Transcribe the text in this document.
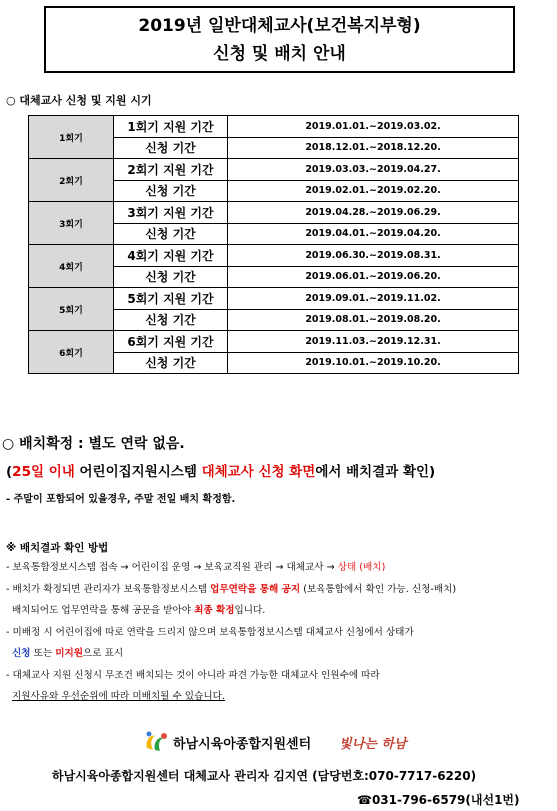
2019년 일반대체교사(보건복지부형)
신청 및 배치 안내
○ 대체교사 신청 및 지원 시기
1회기	1회기 지원 기간	2019.01.01.~2019.03.02.
	신청 기간	2018.12.01.~2018.12.20.
2회기	2회기 지원 기간	2019.03.03.~2019.04.27.
	신청 기간	2019.02.01.~2019.02.20.
3회기	3회기 지원 기간	2019.04.28.~2019.06.29.
	신청 기간	2019.04.01.~2019.04.20.
4회기	4회기 지원 기간	2019.06.30.~2019.08.31.
	신청 기간	2019.06.01.~2019.06.20.
5회기	5회기 지원 기간	2019.09.01.~2019.11.02.
	신청 기간	2019.08.01.~2019.08.20.
6회기	6회기 지원 기간	2019.11.03.~2019.12.31.
	신청 기간	2019.10.01.~2019.10.20.
○ 배치확정 : 별도 연락 없음.
(25일 이내 어린이집지원시스템 대체교사 신청 화면에서 배치결과 확인)
- 주말이 포함되어 있을경우, 주말 전일 배치 확정함.
※ 배치결과 확인 방법
- 보육통합정보시스템 접속 → 어린이집 운영 → 보육교직원 관리 → 대체교사 → 상태 (배치)
- 배치가 확정되면 관리자가 보육통합정보시스템 업무연락을 통해 공지 (보육통합에서 확인 가능. 신청-배치)
배치되어도 업무연락을 통해 공문을 받아야 최종 확정입니다.
- 미배정 시 어린이집에 따로 연락을 드리지 않으며 보육통합정보시스템 대체교사 신청에서 상태가
신청 또는 미지원으로 표시
- 대체교사 지원 신청시 무조건 배치되는 것이 아니라 파견 가능한 대체교사 인원수에 따라
지원사유와 우선순위에 따라 미배치될 수 있습니다.
하남시육아종합지원센터 빛나는 하남
하남시육아종합지원센터 대체교사 관리자 김지연 (담당번호:070-7717-6220)
☎031-796-6579(내선1번)
